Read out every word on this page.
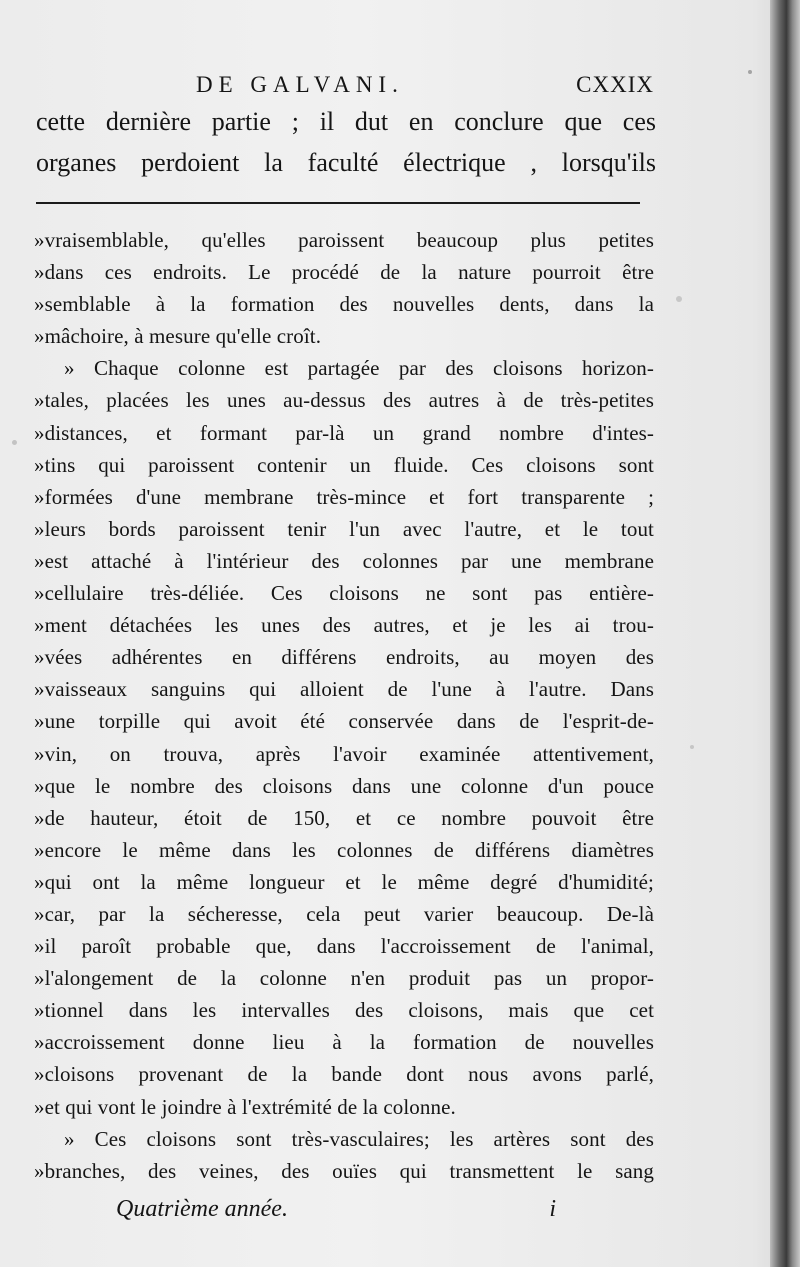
DE GALVANI.	CXXIX
cette dernière partie ; il dut en conclure que ces
organes perdoient la faculté électrique , lorsqu'ils
»vraisemblable, qu'elles paroissent beaucoup plus petites
»dans ces endroits. Le procédé de la nature pourroit être
»semblable à la formation des nouvelles dents, dans la
»mâchoire, à mesure qu'elle croît.
» Chaque colonne est partagée par des cloisons horizon-
»tales, placées les unes au-dessus des autres à de très-petites
»distances, et formant par-là un grand nombre d'intes-
»tins qui paroissent contenir un fluide. Ces cloisons sont
»formées d'une membrane très-mince et fort transparente ;
»leurs bords paroissent tenir l'un avec l'autre, et le tout
»est attaché à l'intérieur des colonnes par une membrane
»cellulaire très-déliée. Ces cloisons ne sont pas entière-
»ment détachées les unes des autres, et je les ai trou-
»vées adhérentes en différens endroits, au moyen des
»vaisseaux sanguins qui alloient de l'une à l'autre. Dans
»une torpille qui avoit été conservée dans de l'esprit-de-
»vin, on trouva, après l'avoir examinée attentivement,
»que le nombre des cloisons dans une colonne d'un pouce
»de hauteur, étoit de 150, et ce nombre pouvoit être
»encore le même dans les colonnes de différens diamètres
»qui ont la même longueur et le même degré d'humidité;
»car, par la sécheresse, cela peut varier beaucoup. De-là
»il paroît probable que, dans l'accroissement de l'animal,
»l'alongement de la colonne n'en produit pas un propor-
»tionnel dans les intervalles des cloisons, mais que cet
»accroissement donne lieu à la formation de nouvelles
»cloisons provenant de la bande dont nous avons parlé,
»et qui vont le joindre à l'extrémité de la colonne.
» Ces cloisons sont très-vasculaires; les artères sont des
»branches, des veines, des ouïes qui transmettent le sang
Quatrième année.	i
